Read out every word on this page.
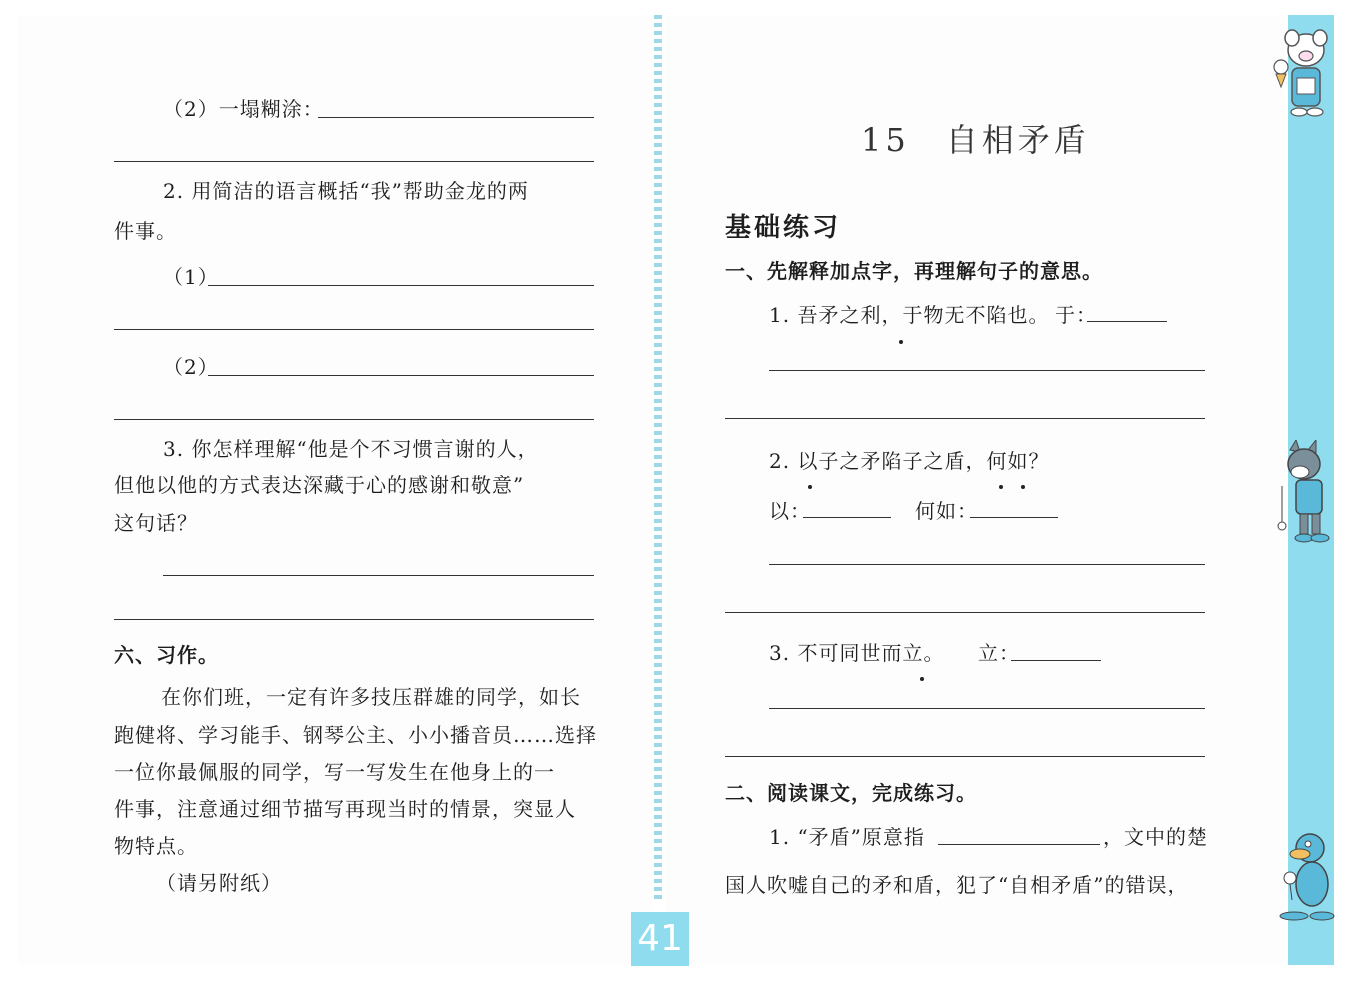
（2）一塌糊涂：
2. 用简洁的语言概括“我”帮助金龙的两
件事。
（1）
（2）
3. 你怎样理解“他是个不习惯言谢的人，
但他以他的方式表达深藏于心的感谢和敬意”
这句话？
六、习作。
在你们班，一定有许多技压群雄的同学，如长
跑健将、学习能手、钢琴公主、小小播音员……选择
一位你最佩服的同学，写一写发生在他身上的一
件事，注意通过细节描写再现当时的情景，突显人
物特点。
（请另附纸）
15　自相矛盾
基础练习
一、先解释加点字，再理解句子的意思。
1. 吾矛之利，于物无不陷也。 于：
2. 以子之矛陷子之盾，何如？
以：	何如：
3. 不可同世而立。 立：
二、阅读课文，完成练习。
1. “矛盾”原意指	，文中的楚
国人吹嘘自己的矛和盾，犯了“自相矛盾”的错误，
41
